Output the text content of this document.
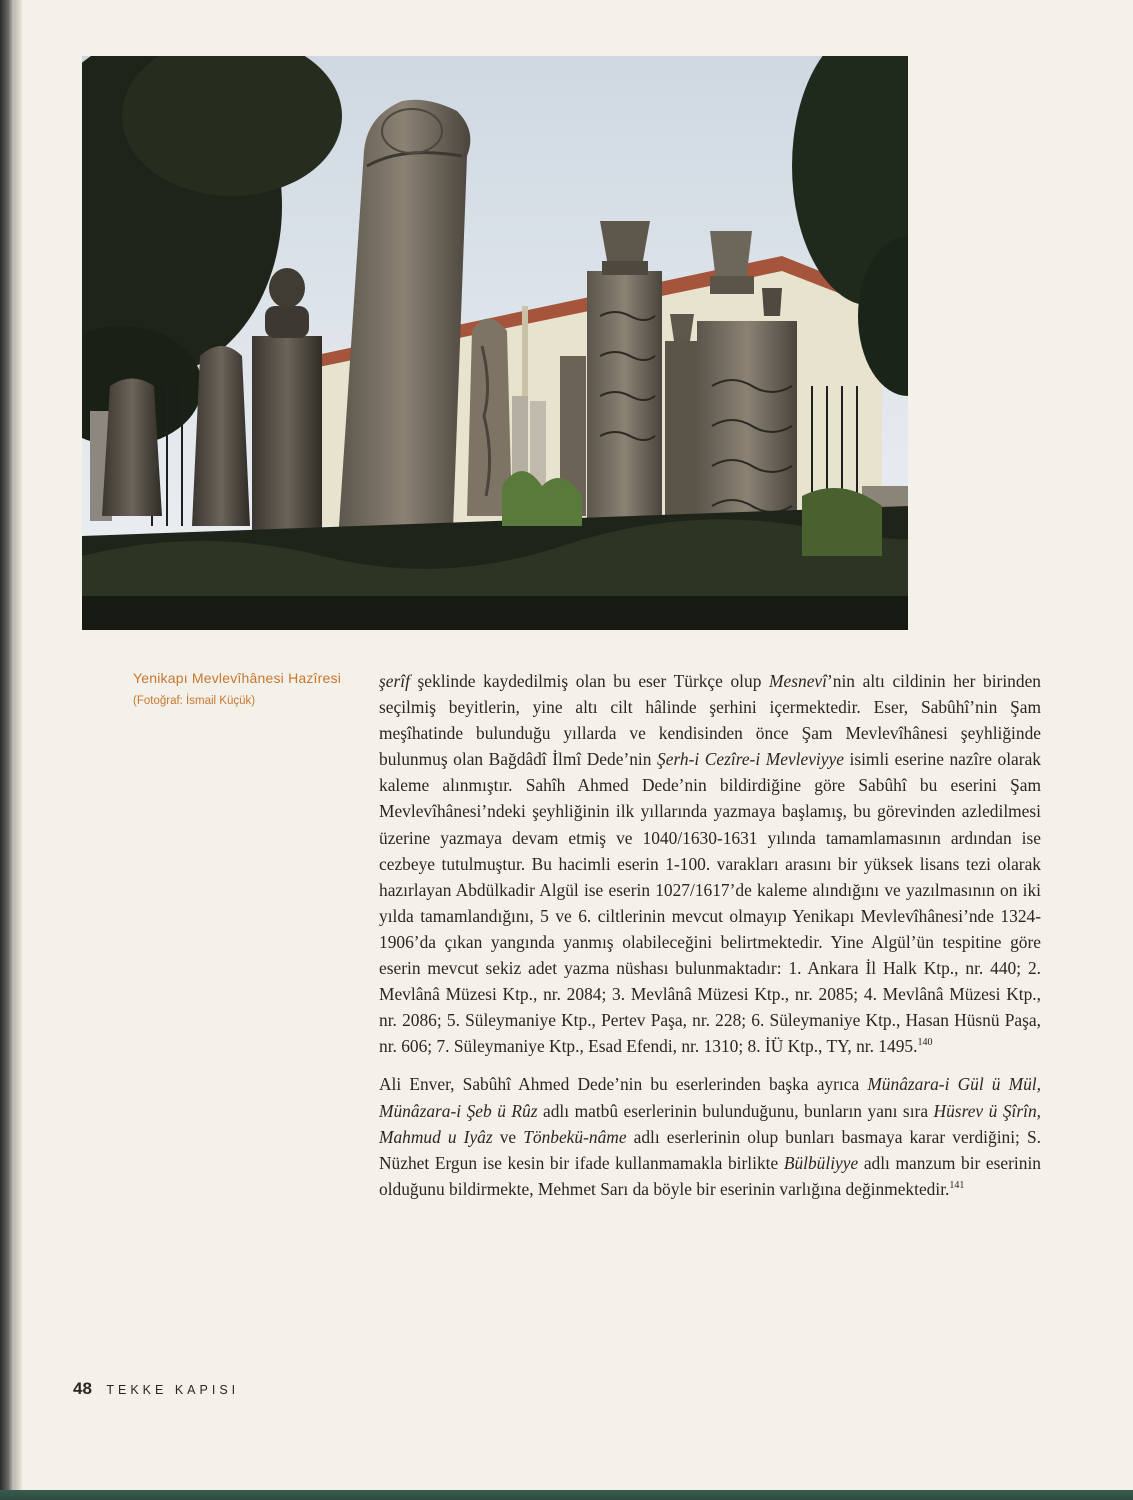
Yenikapı Mevlevîhânesi Hazîresi
(Fotoğraf: İsmail Küçük)

şerîf şeklinde kaydedilmiş olan bu eser Türkçe olup Mesnevî’nin altı cildinin her birinden seçilmiş beyitlerin, yine altı cilt hâlinde şerhini içermektedir. Eser, Sabûhî’nin Şam meşîhatinde bulunduğu yıllarda ve kendisinden önce Şam Mevlevîhânesi şeyhliğinde bulunmuş olan Bağdâdî İlmî Dede’nin Şerh-i Cezîre-i Mevleviyye isimli eserine nazîre olarak kaleme alınmıştır. Sahîh Ahmed Dede’nin bildirdiğine göre Sabûhî bu eserini Şam Mevlevîhânesi’ndeki şeyhliğinin ilk yıllarında yazmaya başlamış, bu görevinden azledilmesi üzerine yazmaya devam etmiş ve 1040/1630-1631 yılında tamamlamasının ardından ise cezbeye tutulmuştur. Bu hacimli eserin 1-100. varakları arasını bir yüksek lisans tezi olarak hazırlayan Abdülkadir Algül ise eserin 1027/1617’de kaleme alındığını ve yazılmasının on iki yılda tamamlandığını, 5 ve 6. ciltlerinin mevcut olmayıp Yenikapı Mevlevîhânesi’nde 1324-1906’da çıkan yangında yanmış olabileceğini belirtmektedir. Yine Algül’ün tespitine göre eserin mevcut sekiz adet yazma nüshası bulunmaktadır: 1. Ankara İl Halk Ktp., nr. 440; 2. Mevlânâ Müzesi Ktp., nr. 2084; 3. Mevlânâ Müzesi Ktp., nr. 2085; 4. Mevlânâ Müzesi Ktp., nr. 2086; 5. Süleymaniye Ktp., Pertev Paşa, nr. 228; 6. Süleymaniye Ktp., Hasan Hüsnü Paşa, nr. 606; 7. Süleymaniye Ktp., Esad Efendi, nr. 1310; 8. İÜ Ktp., TY, nr. 1495.$^{140}$

Ali Enver, Sabûhî Ahmed Dede’nin bu eserlerinden başka ayrıca Münâzara-i Gül ü Mül, Münâzara-i Şeb ü Rûz adlı matbû eserlerinin bulunduğunu, bunların yanı sıra Hüsrev ü Şîrîn, Mahmud u Iyâz ve Tönbekü-nâme adlı eserlerinin olup bunları basmaya karar verdiğini; S. Nüzhet Ergun ise kesin bir ifade kullanmamakla birlikte Bülbüliyye adlı manzum bir eserinin olduğunu bildirmekte, Mehmet Sarı da böyle bir eserinin varlığına değinmektedir.$^{141}$

48 TEKKE KAPISI
